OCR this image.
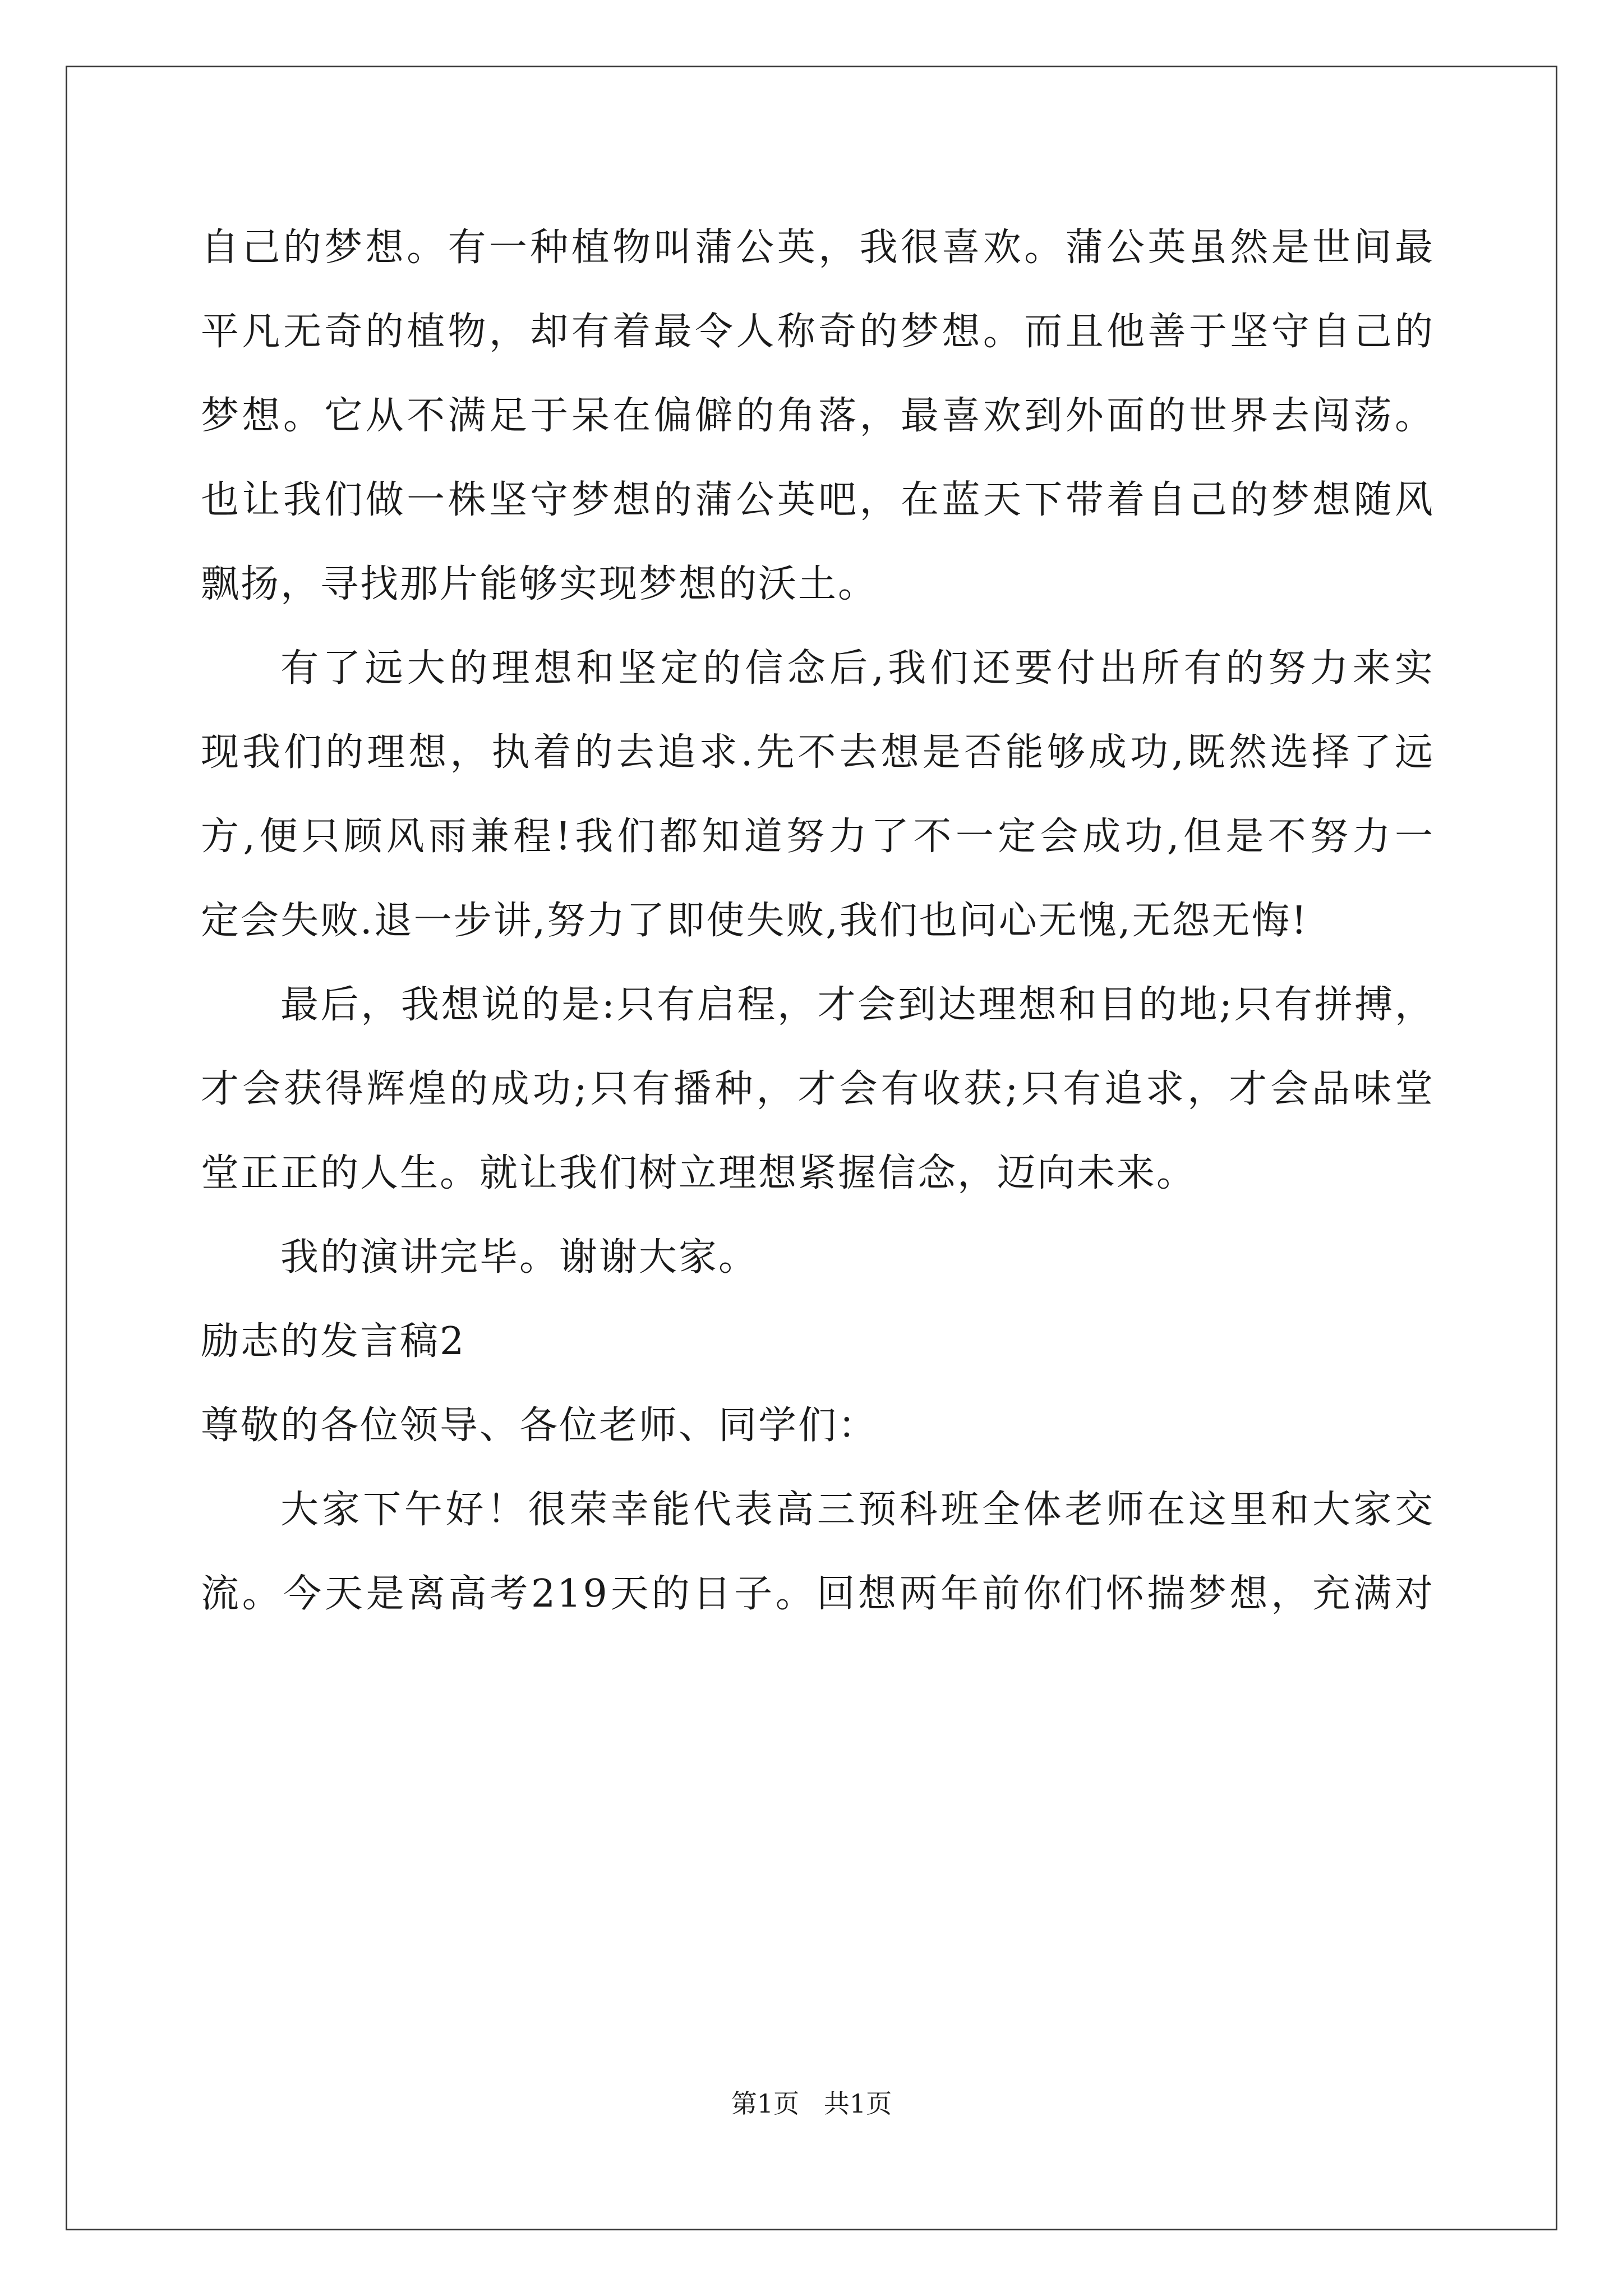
自己的梦想。有一种植物叫蒲公英，我很喜欢。蒲公英虽然是世间最
平凡无奇的植物，却有着最令人称奇的梦想。而且他善于坚守自己的
梦想。它从不满足于呆在偏僻的角落，最喜欢到外面的世界去闯荡。
也让我们做一株坚守梦想的蒲公英吧，在蓝天下带着自己的梦想随风
飘扬，寻找那片能够实现梦想的沃土。
有了远大的理想和坚定的信念后,我们还要付出所有的努力来实
现我们的理想，执着的去追求.先不去想是否能够成功,既然选择了远
方,便只顾风雨兼程!我们都知道努力了不一定会成功,但是不努力一
定会失败.退一步讲,努力了即使失败,我们也问心无愧,无怨无悔!
最后，我想说的是:只有启程，才会到达理想和目的地;只有拼搏，
才会获得辉煌的成功;只有播种，才会有收获;只有追求，才会品味堂
堂正正的人生。就让我们树立理想紧握信念，迈向未来。
我的演讲完毕。谢谢大家。
励志的发言稿2
尊敬的各位领导、各位老师、同学们：
大家下午好！很荣幸能代表高三预科班全体老师在这里和大家交
流。今天是离高考219天的日子。回想两年前你们怀揣梦想，充满对
第1页   共1页
